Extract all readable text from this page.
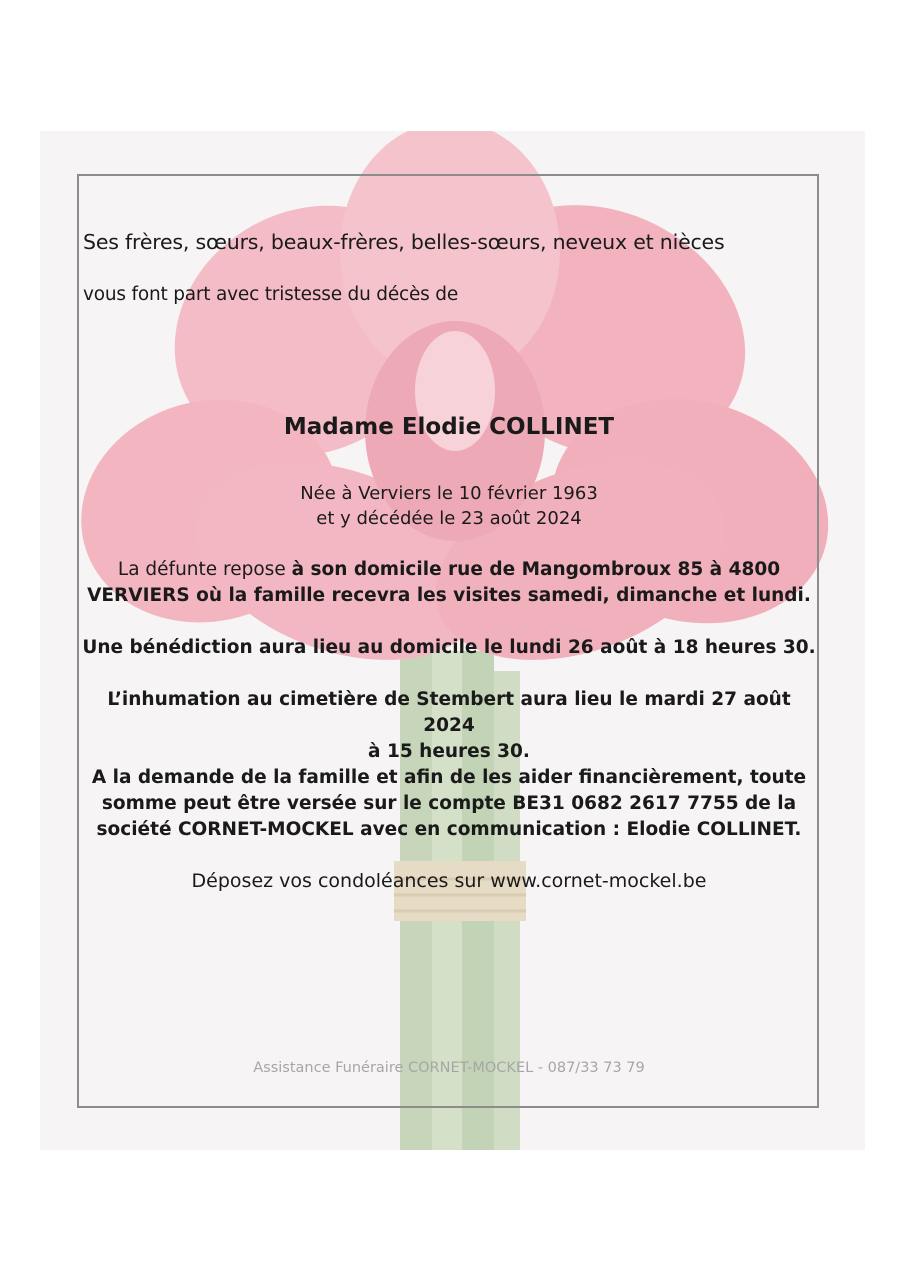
Ses frères, sœurs, beaux-frères, belles-sœurs, neveux et nièces
vous font part avec tristesse du décès de
Madame Elodie COLLINET
Née à Verviers le 10 février 1963
et y décédée le 23 août 2024
La défunte repose à son domicile rue de Mangombroux 85 à 4800
VERVIERS où la famille recevra les visites samedi, dimanche et lundi.
Une bénédiction aura lieu au domicile le lundi 26 août à 18 heures 30.
L’inhumation au cimetière de Stembert aura lieu le mardi 27 août 2024
à 15 heures 30.
A la demande de la famille et afin de les aider financièrement, toute
somme peut être versée sur le compte BE31 0682 2617 7755 de la
société CORNET-MOCKEL avec en communication : Elodie COLLINET.
Déposez vos condoléances sur www.cornet-mockel.be
Assistance Funéraire CORNET-MOCKEL - 087/33 73 79
